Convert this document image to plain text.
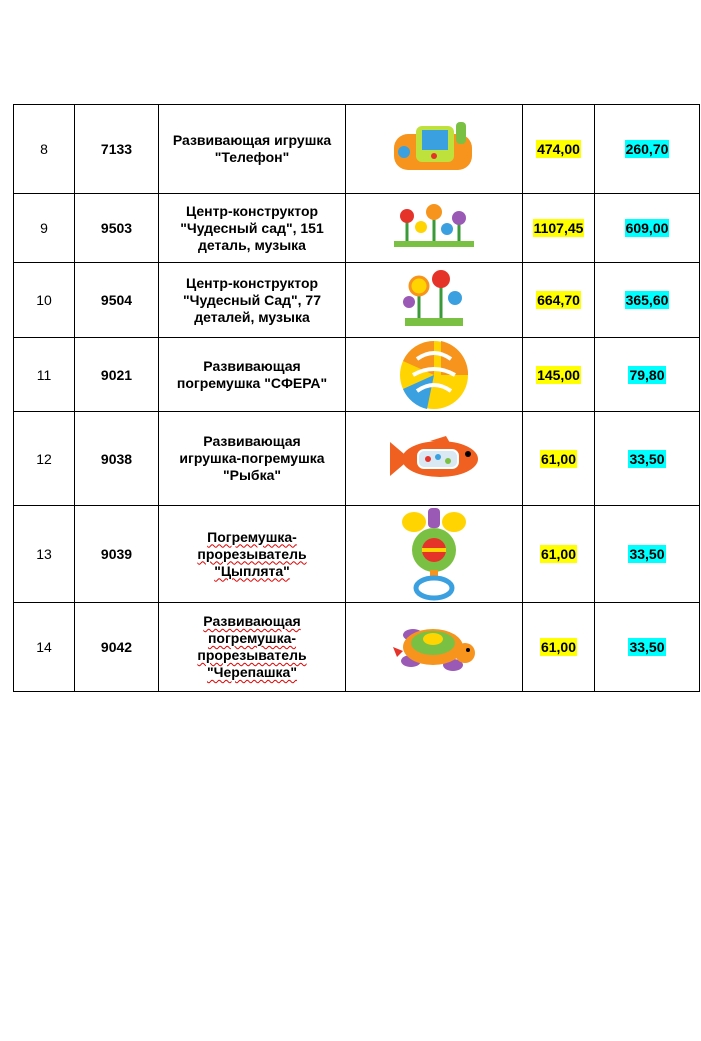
8	7133	Развивающая игрушка
"Телефон"		474,00	260,70
9	9503	Центр-конструктор
"Чудесный сад", 151
деталь, музыка		1107,45	609,00
10	9504	Центр-конструктор
"Чудесный Сад", 77
деталей, музыка		664,70	365,60
11	9021	Развивающая
погремушка "СФЕРА"		145,00	79,80
12	9038	Развивающая
игрушка-погремушка
"Рыбка"		61,00	33,50
13	9039	Погремушка-
прорезыватель
"Цыплята"		61,00	33,50
14	9042	Развивающая
погремушка-
прорезыватель
"Черепашка"		61,00	33,50
